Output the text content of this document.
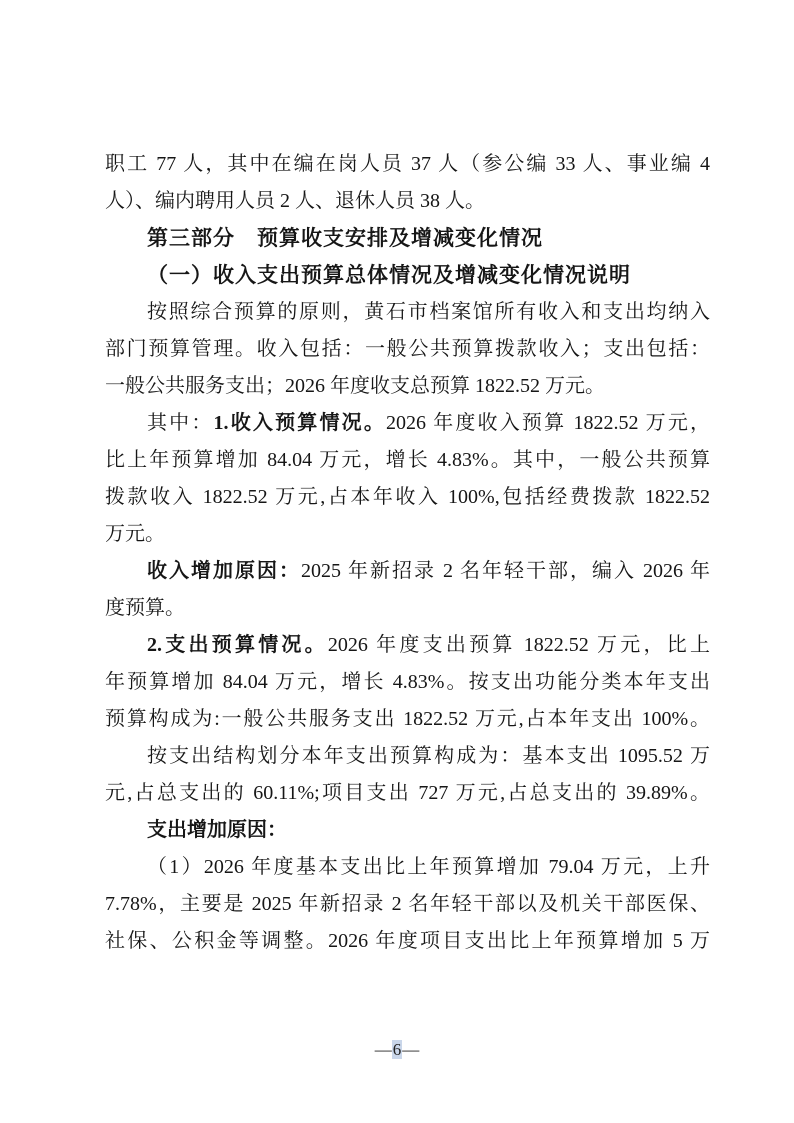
职工 77 人，其中在编在岗人员 37 人（参公编 33 人、事业编 4
人）、编内聘用人员 2 人、退休人员 38 人。
第三部分　预算收支安排及增减变化情况
（一）收入支出预算总体情况及增减变化情况说明
按照综合预算的原则，黄石市档案馆所有收入和支出均纳入
部门预算管理。收入包括：一般公共预算拨款收入；支出包括：
一般公共服务支出；2026 年度收支总预算 1822.52 万元。
其中：1.收入预算情况。2026 年度收入预算 1822.52 万元，
比上年预算增加 84.04 万元，增长 4.83%。其中，一般公共预算
拨款收入 1822.52 万元,占本年收入 100%,包括经费拨款 1822.52
万元。
收入增加原因：2025 年新招录 2 名年轻干部，编入 2026 年
度预算。
2.支出预算情况。2026 年度支出预算 1822.52 万元，比上
年预算增加 84.04 万元，增长 4.83%。按支出功能分类本年支出
预算构成为:一般公共服务支出 1822.52 万元,占本年支出 100%。
按支出结构划分本年支出预算构成为：基本支出 1095.52 万
元,占总支出的 60.11%;项目支出 727 万元,占总支出的 39.89%。
支出增加原因：
（1）2026 年度基本支出比上年预算增加 79.04 万元，上升
7.78%，主要是 2025 年新招录 2 名年轻干部以及机关干部医保、
社保、公积金等调整。2026 年度项目支出比上年预算增加 5 万
—6—
